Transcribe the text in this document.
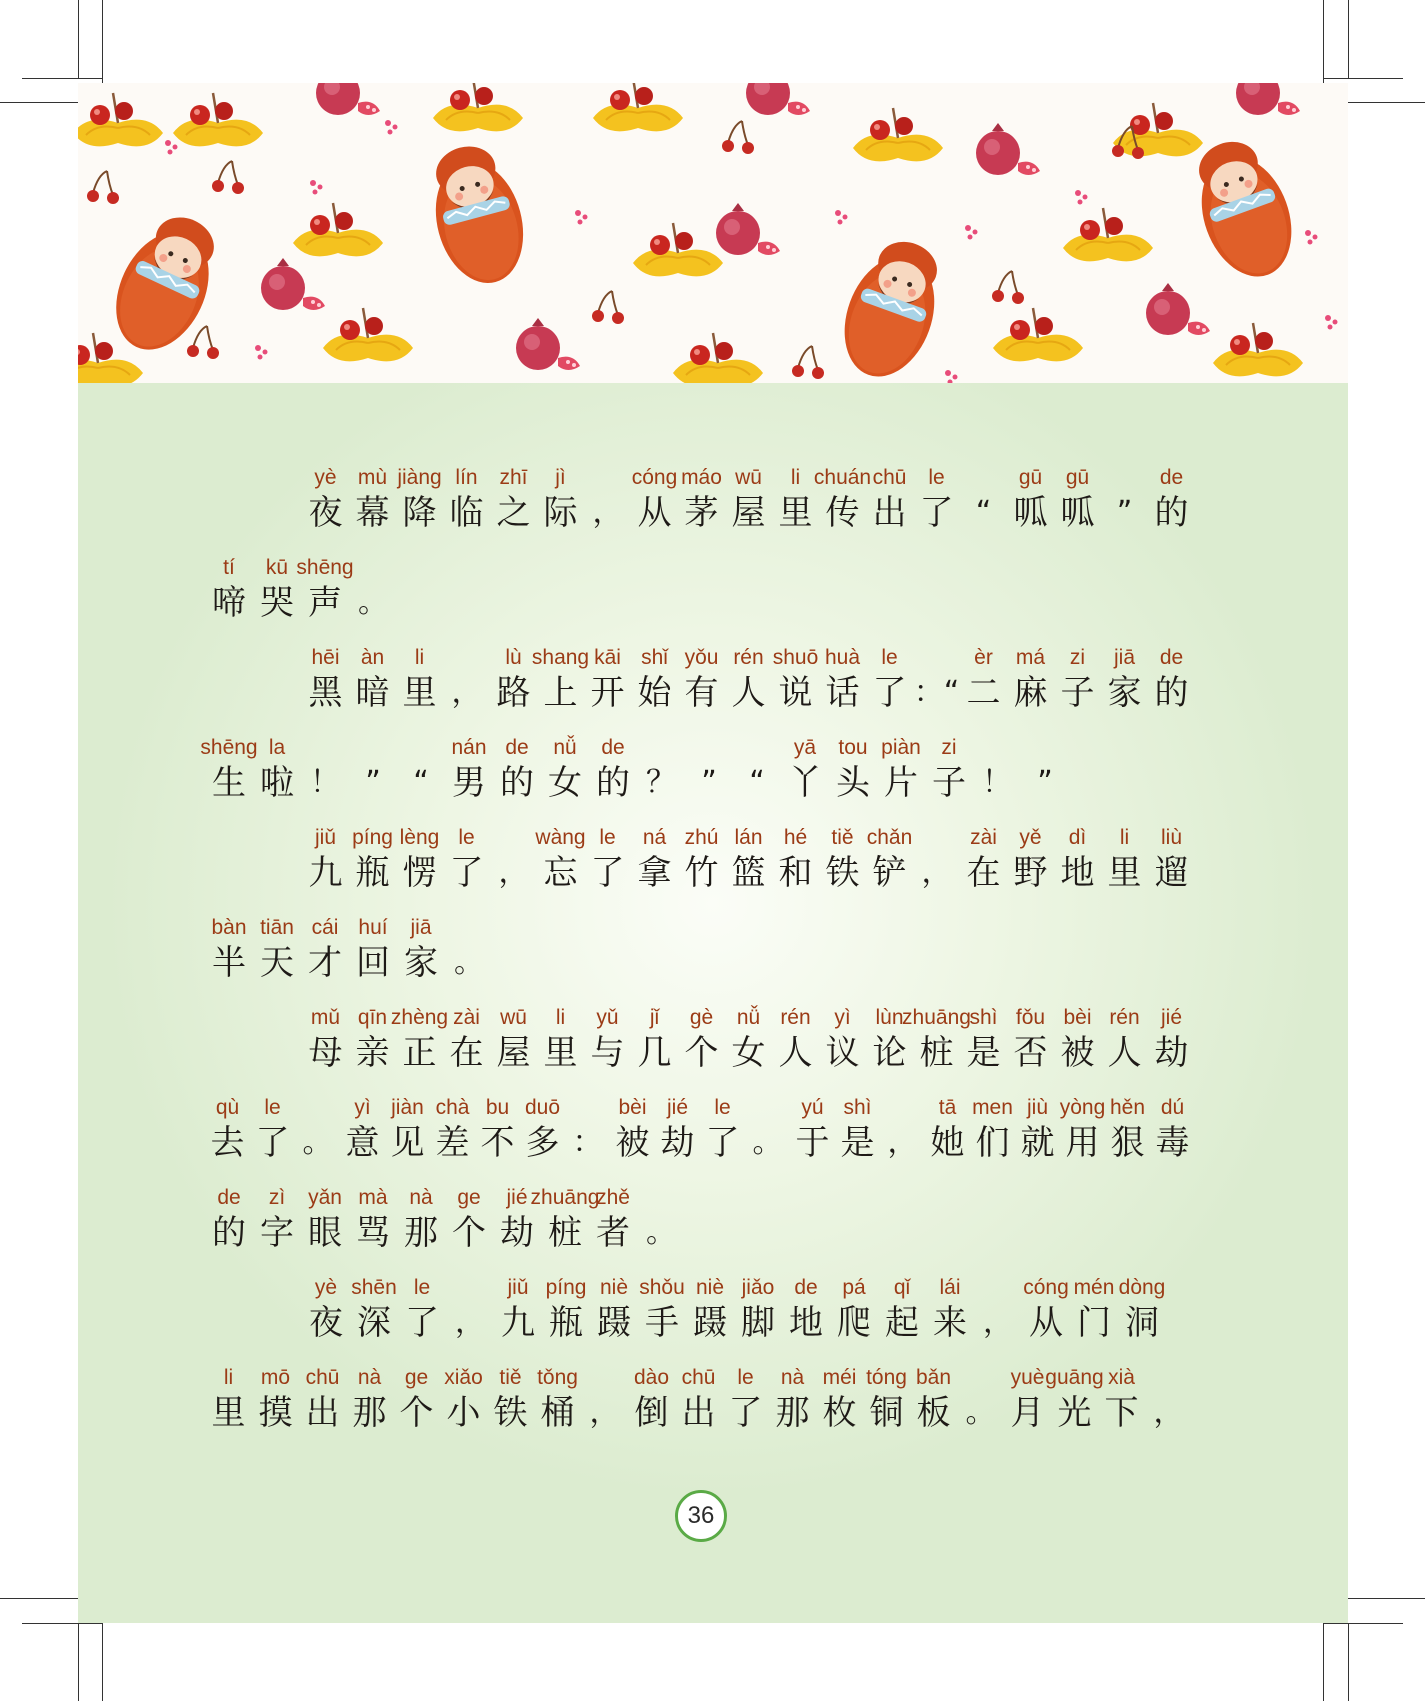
yè
夜
mù
幕
jiàng
降
lín
临
zhī
之
jì
际 ，
cóng
从
máo
茅
wū
屋
li
里
chuán
传
chū
出
le
了 “
gū
呱
gū
呱 ”
de
的
tí
啼
kū
哭
shēng
声 。
hēi
黑
àn
暗
li
里 ，
lù
路
shang
上
kāi
开
shǐ
始
yǒu
有
rén
人
shuō
说
huà
话
le
了 ：“
èr
二
má
麻
zi
子
jiā
家
de
的
shēng
生
la
啦 ！ ” “
nán
男
de
的
nǚ
女
de
的 ？ ” “
yā
丫
tou
头
piàn
片
zi
子 ！ ”
jiǔ
九
píng
瓶
lèng
愣
le
了 ，
wàng
忘
le
了
ná
拿
zhú
竹
lán
篮
hé
和
tiě
铁
chǎn
铲 ，
zài
在
yě
野
dì
地
li
里
liù
遛
bàn
半
tiān
天
cái
才
huí
回
jiā
家 。
mǔ
母
qīn
亲
zhèng
正
zài
在
wū
屋
li
里
yǔ
与
jǐ
几
gè
个
nǚ
女
rén
人
yì
议
lùn
论
zhuāng
桩
shì
是
fǒu
否
bèi
被
rén
人
jié
劫
qù
去
le
了 。
yì
意
jiàn
见
chà
差
bu
不
duō
多 ：
bèi
被
jié
劫
le
了 。
yú
于
shì
是 ，
tā
她
men
们
jiù
就
yòng
用
hěn
狠
dú
毒
de
的
zì
字
yǎn
眼
mà
骂
nà
那
ge
个
jié
劫
zhuāng
桩
zhě
者 。
yè
夜
shēn
深
le
了 ，
jiǔ
九
píng
瓶
niè
蹑
shǒu
手
niè
蹑
jiǎo
脚
de
地
pá
爬
qǐ
起
lái
来 ，
cóng
从
mén
门
dòng
洞
li
里
mō
摸
chū
出
nà
那
ge
个
xiǎo
小
tiě
铁
tǒng
桶 ，
dào
倒
chū
出
le
了
nà
那
méi
枚
tóng
铜
bǎn
板 。
yuè
月
guāng
光
xià
下 ，
36
